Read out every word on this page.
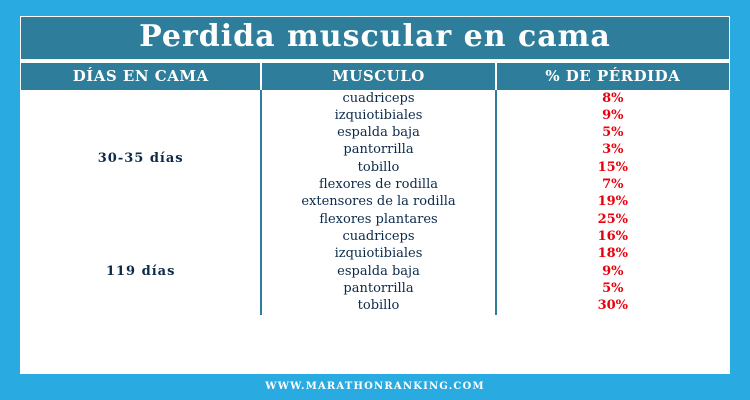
Perdida muscular en cama
DÍAS EN CAMA	MUSCULO	% DE PÉRDIDA
30-35 días	cuadriceps	8%
	izquiotibiales	9%
	espalda baja	5%
	pantorrilla	3%
	tobillo	15%
	flexores de rodilla	7%
	extensores de la rodilla	19%
	flexores plantares	25%
119 días	cuadriceps	16%
	izquiotibiales	18%
	espalda baja	9%
	pantorrilla	5%
	tobillo	30%
WWW.MARATHONRANKING.COM
